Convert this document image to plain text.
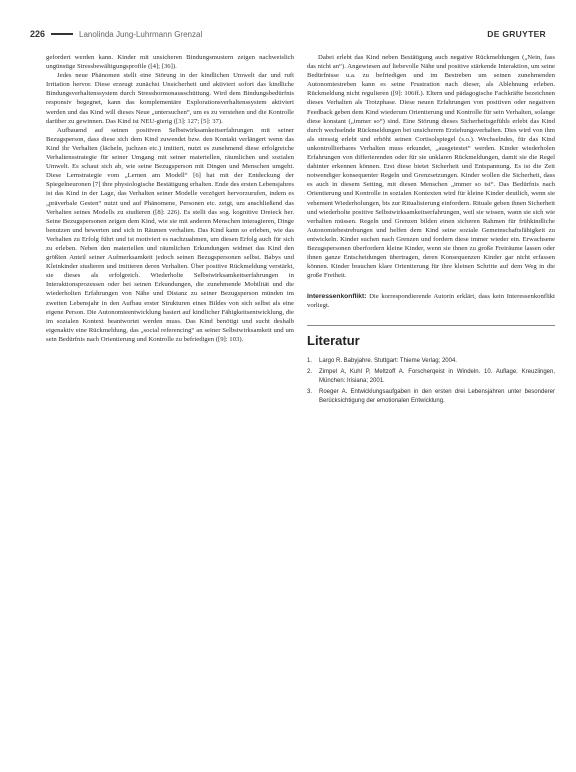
226	Lanolinda Jung-Luhrmann Grenzal	DE GRUYTER

gefordert werden kann. Kinder mit unsicheren Bindungsmustern zeigen nachweislich ungünstige Stressbewältigungsprofile ([4]; [36]).

Jedes neue Phänomen stellt eine Störung in der kindlichen Umwelt dar und ruft Irritation hervor. Diese erzeugt zunächst Unsicherheit und aktiviert sofort das kindliche Bindungsverhaltenssystem durch Stresshormonausschüttung. Wird dem Bindungsbedürfnis responsiv begegnet, kann das komplementäre Explorationsverhaltenssystem aktiviert werden und das Kind will dieses Neue „untersuchen“, um es zu verstehen und die Kontrolle darüber zu gewinnen. Das Kind ist NEU-gierig ([3]: 127; [5]: 37).

Aufbauend auf seinen positiven Selbstwirksamkeitserfahrungen mit seiner Bezugsperson, dass diese sich dem Kind zuwendet bzw. den Kontakt verlängert wenn das Kind ihr Verhalten (lächeln, juchzen etc.) imitiert, nutzt es zunehmend diese erfolgreiche Verhaltensstrategie für seiner Umgang mit seiner materiellen, räumlichen und sozialen Umwelt. Es schaut sich ab, wie seine Bezugsperson mit Dingen und Menschen umgeht. Diese Lernstrategie vom „Lernen am Modell“ [6] hat mit der Entdeckung der Spiegelneuronen [7] ihre physiologische Bestätigung erhalten. Ende des ersten Lebensjahres ist das Kind in der Lage, das Verhalten seiner Modelle verzögert hervorzurufen, indem es „präverbale Gesten“ nutzt und auf Phänomene, Personen etc. zeigt, um anschließend das Verhalten seines Modells zu studieren ([8]: 226). Es stellt das sog. kognitive Dreieck her. Seine Bezugspersonen zeigen dem Kind, wie sie mit anderen Menschen interagieren, Dinge benutzen und bewerten und sich in Räumen verhalten. Das Kind kann so erleben, wie das Verhalten zu Erfolg führt und ist motiviert es nachzuahmen, um diesen Erfolg auch für sich zu erleben. Neben den materiellen und räumlichen Erkundungen widmet das Kind den größten Anteil seiner Aufmerksamkeit jedoch seinen Bezugspersonen selbst. Babys und Kleinkinder studieren und imitieren deren Verhalten. Über positive Rückmeldung verstärkt, sie dieses als erfolgreich. Wiederholte Selbstwirksamkeitserfahrungen in Interaktionsprozessen oder bei seinen Erkundungen, die zunehmende Mobilität und die wiederholten Erfahrungen von Nähe und Distanz zu seiner Bezugsperson münden im zweiten Lebensjahr in den Aufbau erster Strukturen eines Bildes von sich selbst als eine eigene Person. Die Autonomieentwicklung basiert auf kindlicher Fähigkeitsentwicklung, die im sozialen Kontext beantwortet werden muss. Das Kind benötigt und sucht deshalb eigenaktiv eine Rückmeldung, das „social referencing“ an seiner Selbstwirksamkeit und um sein Bedürfnis nach Orientierung und Kontrolle zu befriedigen ([9]: 103).

Dabei erlebt das Kind neben Bestätigung auch negative Rückmeldungen („Nein, fass das nicht an“). Angewiesen auf liebevolle Nähe und positive stärkende Interaktion, um seine Bedürfnisse u.a. zu befriedigen und im Bestreben um seinen zunehmenden Autonomiestreben kann es seine Frustration nach dieser, als Ablehnung erleben. Rückmeldung nicht regulieren ([9]: 106ff.). Eltern und pädagogische Fachkräfte bezeichnen dieses Verhalten als Trotzphase. Diese neuen Erfahrungen von positiven oder negativen Feedback geben dem Kind wiederum Orientierung und Kontrolle für sein Verhalten, solange diese konstant („immer so“) sind. Eine Störung dieses Sicherheitsgefühls erlebt das Kind durch wechselnde Rückmeldungen bei unsicherem Erziehungsverhalten. Dies wird von ihm als stressig erlebt und erhöht seinen Cortisolspiegel (s.o.). Wechselndes, für das Kind unkontrollierbares Verhalten muss erkundet, „ausgetestet“ werden. Kinder wiederholen Erfahrungen von differierenden oder für sie unklaren Rückmeldungen, damit sie die Regel dahinter erkennen können. Erst diese bietet Sicherheit und Entspannung. Es ist die Zeit notwendiger konsequenter Regeln und Grenzsetzungen. Kinder wollen die Sicherheit, dass es auch in diesem Setting, mit diesen Menschen „immer so ist“. Das Bedürfnis nach Orientierung und Kontrolle in sozialen Kontexten wird für kleine Kinder deutlich, wenn sie vehement Wiederholungen, bis zur Ritualisierung einfordern. Rituale geben ihnen Sicherheit und wiederholte positive Selbstwirksamkeitserfahrungen, weil sie wissen, wann sie sich wie verhalten müssen. Regeln und Grenzen bilden einen sicheren Rahmen für frühkindliche Autonomiebestrebungen und helfen dem Kind seine soziale Gemeinschaftsfähigkeit zu entwickeln. Kinder suchen nach Grenzen und fordern diese immer wieder ein. Erwachsene Bezugspersonen überfordern kleine Kinder, wenn sie ihnen zu große Freiräume lassen oder ihnen ganze Entscheidungen übertragen, deren Konsequenzen Kinder gar nicht erfassen können. Kinder brauchen klare Orientierung für ihre kleinen Schritte auf dem Weg in die große Freiheit.

Interessenkonflikt: Die korrespondierende Autorin erklärt, dass kein Interessenkonflikt vorliegt.

Literatur
1.	Largo R. Babyjahre. Stuttgart: Thieme Verlag; 2004.
2.	Zimpel A, Kuhl P, Meltzoff A. Forscherqeist in Windeln. 10. Auflage. Kreuzlingen, München: Irisiana; 2001.
3.	Roeger A. Entwicklungsaufgaben in den ersten drei Lebensjahren unter besonderer Berücksichtigung der emotionalen Entwicklung.
